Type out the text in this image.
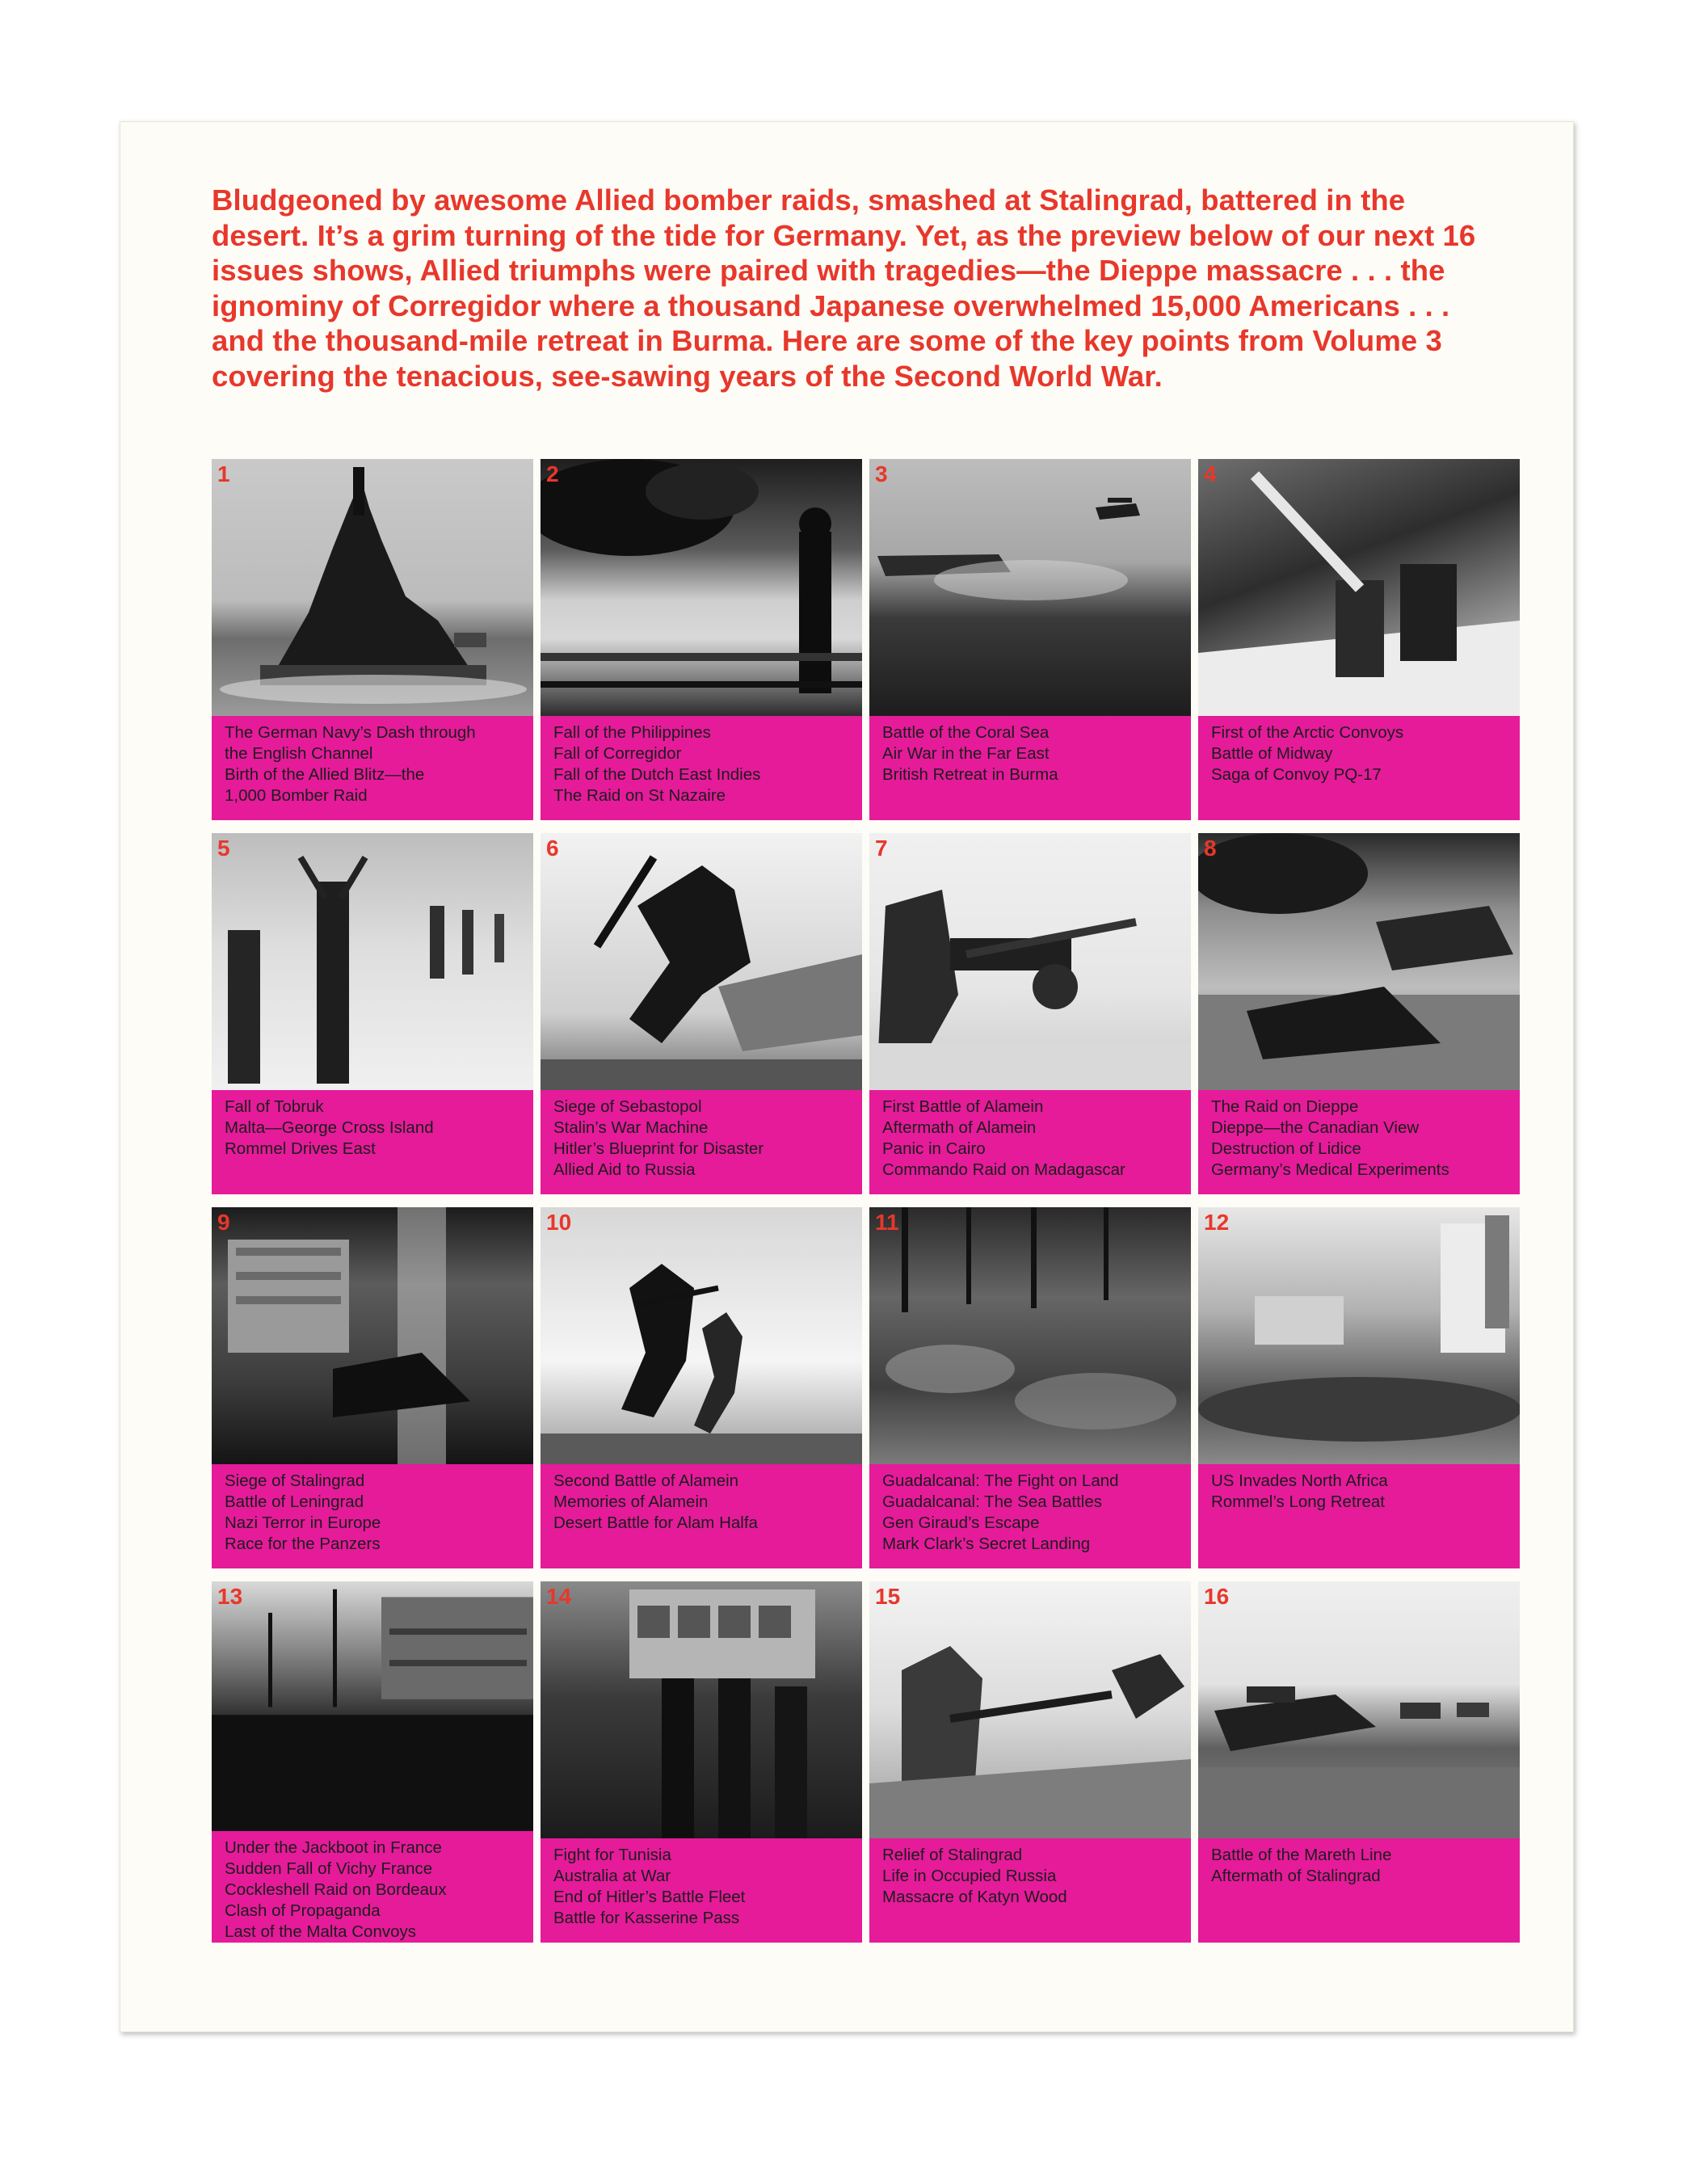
Bludgeoned by awesome Allied bomber raids, smashed at Stalingrad, battered in the desert. It’s a grim turning of the tide for Germany. Yet, as the preview below of our next 16 issues shows, Allied triumphs were paired with tragedies—the Dieppe massacre . . . the ignominy of Corregidor where a thousand Japanese overwhelmed 15,000 Americans . . . and the thousand-mile retreat in Burma. Here are some of the key points from Volume 3 covering the tenacious, see-sawing years of the Second World War.

1
The German Navy’s Dash through
the English Channel
Birth of the Allied Blitz—the
1,000 Bomber Raid
2
Fall of the Philippines
Fall of Corregidor
Fall of the Dutch East Indies
The Raid on St Nazaire
3
Battle of the Coral Sea
Air War in the Far East
British Retreat in Burma
4
First of the Arctic Convoys
Battle of Midway
Saga of Convoy PQ-17
5
Fall of Tobruk
Malta—George Cross Island
Rommel Drives East
6
Siege of Sebastopol
Stalin’s War Machine
Hitler’s Blueprint for Disaster
Allied Aid to Russia
7
First Battle of Alamein
Aftermath of Alamein
Panic in Cairo
Commando Raid on Madagascar
8
The Raid on Dieppe
Dieppe—the Canadian View
Destruction of Lidice
Germany’s Medical Experiments
9
Siege of Stalingrad
Battle of Leningrad
Nazi Terror in Europe
Race for the Panzers
10
Second Battle of Alamein
Memories of Alamein
Desert Battle for Alam Halfa
11
Guadalcanal: The Fight on Land
Guadalcanal: The Sea Battles
Gen Giraud’s Escape
Mark Clark’s Secret Landing
12
US Invades North Africa
Rommel’s Long Retreat
13
Under the Jackboot in France
Sudden Fall of Vichy France
Cockleshell Raid on Bordeaux
Clash of Propaganda
Last of the Malta Convoys
14
Fight for Tunisia
Australia at War
End of Hitler’s Battle Fleet
Battle for Kasserine Pass
15
Relief of Stalingrad
Life in Occupied Russia
Massacre of Katyn Wood
16
Battle of the Mareth Line
Aftermath of Stalingrad
